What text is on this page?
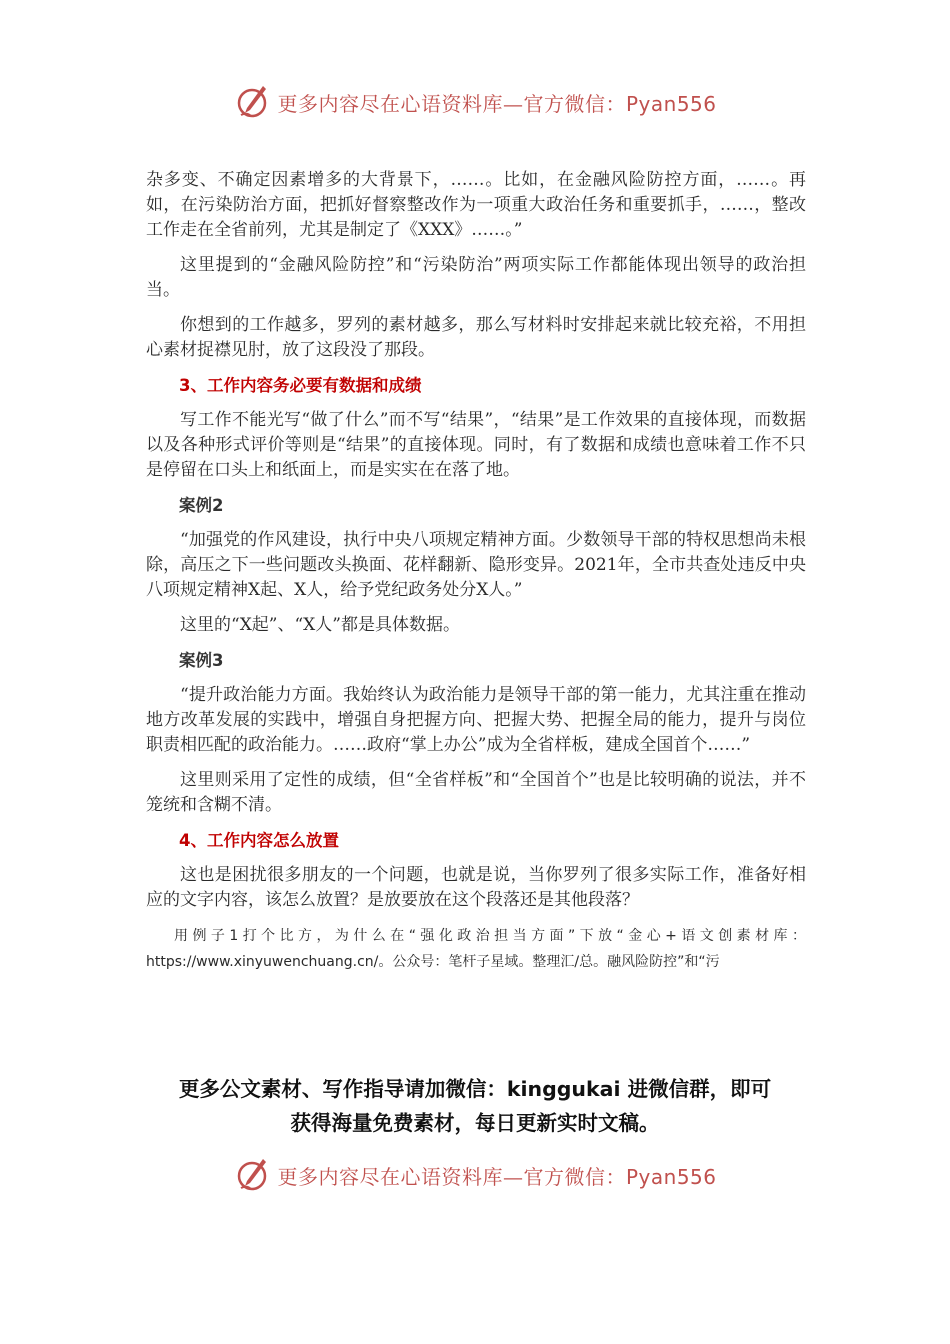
更多内容尽在心语资料库—官方微信：Pyan556

杂多变、不确定因素增多的大背景下，……。比如，在金融风险防控方面，……。再如，在污染防治方面，把抓好督察整改作为一项重大政治任务和重要抓手，……，整改工作走在全省前列，尤其是制定了《XXX》……。”

这里提到的“金融风险防控”和“污染防治”两项实际工作都能体现出领导的政治担当。

你想到的工作越多，罗列的素材越多，那么写材料时安排起来就比较充裕，不用担心素材捉襟见肘，放了这段没了那段。

3、工作内容务必要有数据和成绩

写工作不能光写“做了什么”而不写“结果”，“结果”是工作效果的直接体现，而数据以及各种形式评价等则是“结果”的直接体现。同时，有了数据和成绩也意味着工作不只是停留在口头上和纸面上，而是实实在在落了地。

案例2

“加强党的作风建设，执行中央八项规定精神方面。少数领导干部的特权思想尚未根除，高压之下一些问题改头换面、花样翻新、隐形变异。2021年，全市共查处违反中央八项规定精神X起、X人，给予党纪政务处分X人。”

这里的“X起”、“X人”都是具体数据。

案例3

“提升政治能力方面。我始终认为政治能力是领导干部的第一能力，尤其注重在推动地方改革发展的实践中，增强自身把握方向、把握大势、把握全局的能力，提升与岗位职责相匹配的政治能力。……政府“掌上办公”成为全省样板，建成全国首个……”

这里则采用了定性的成绩，但“全省样板”和“全国首个”也是比较明确的说法，并不笼统和含糊不清。

4、工作内容怎么放置

这也是困扰很多朋友的一个问题，也就是说，当你罗列了很多实际工作，准备好相应的文字内容，该怎么放置？是放要放在这个段落还是其他段落？

用例子1打个比方，为什么在“强化政治担当方面”下放“金心+语文创素材库：https://www.xinyuwenchuang.cn/。公众号：笔杆子星域。整理汇/总。融风险防控”和“污

更多公文素材、写作指导请加微信：kinggukai 进微信群，即可
获得海量免费素材，每日更新实时文稿。
更多内容尽在心语资料库—官方微信：Pyan556
